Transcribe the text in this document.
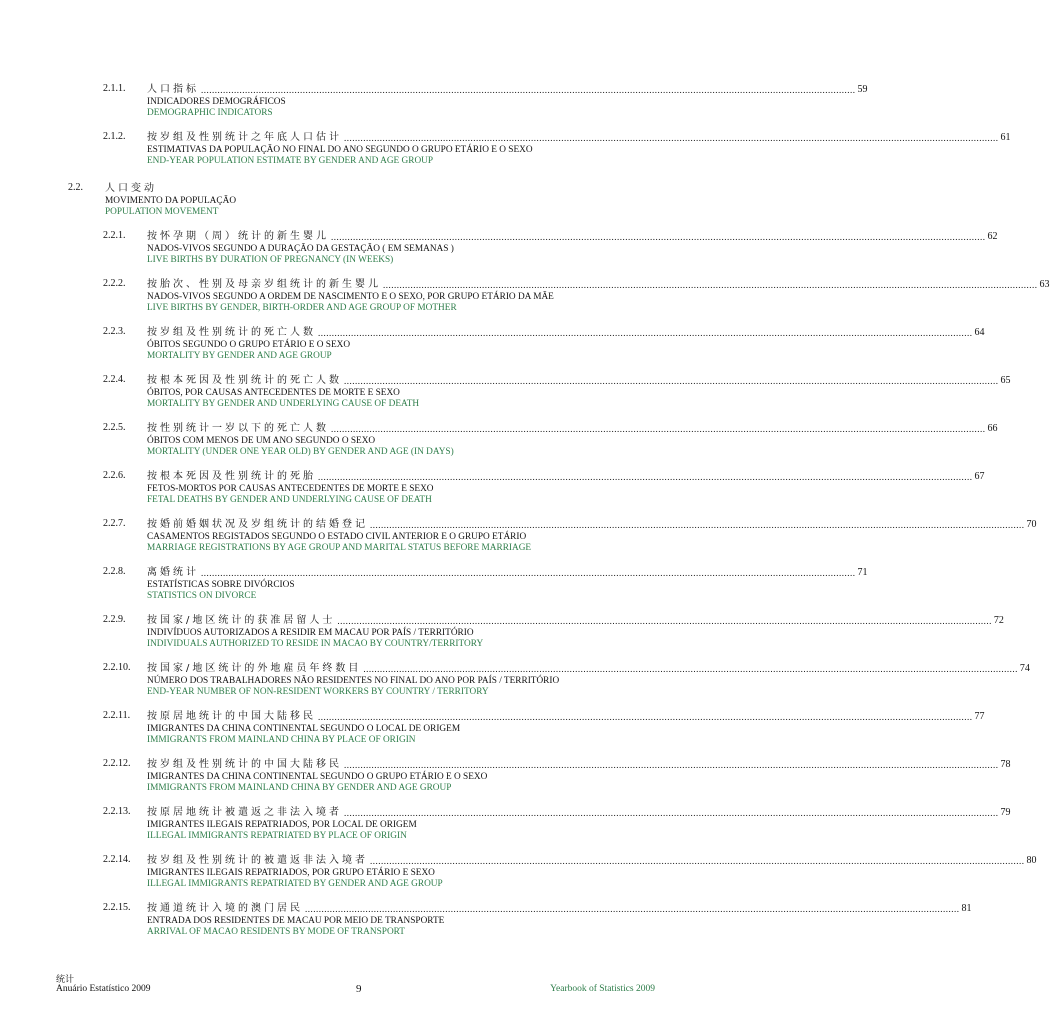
2.1.1. 人口指标 .............................................................................................................................................................................................................................................. 59
INDICADORES DEMOGRÁFICOS
DEMOGRAPHIC INDICATORS
2.1.2. 按岁组及性别统计之年底人口估计 .............................................................................................................................................................................................................................................. 61
ESTIMATIVAS DA POPULAÇÃO NO FINAL DO ANO SEGUNDO O GRUPO ETÁRIO E O SEXO
END-YEAR POPULATION ESTIMATE BY GENDER AND AGE GROUP
2.2. 人口变动
MOVIMENTO DA POPULAÇÃO
POPULATION MOVEMENT
2.2.1. 按怀孕期（周）统计的新生婴儿 .............................................................................................................................................................................................................................................. 62
NADOS-VIVOS SEGUNDO A DURAÇÃO DA GESTAÇÃO ( EM SEMANAS )
LIVE BIRTHS BY DURATION OF PREGNANCY (IN WEEKS)
2.2.2. 按胎次、性别及母亲岁组统计的新生婴儿 .............................................................................................................................................................................................................................................. 63
NADOS-VIVOS SEGUNDO A ORDEM DE NASCIMENTO E O SEXO, POR GRUPO ETÁRIO DA MÃE
LIVE BIRTHS BY GENDER, BIRTH-ORDER AND AGE GROUP OF MOTHER
2.2.3. 按岁组及性别统计的死亡人数 .............................................................................................................................................................................................................................................. 64
ÓBITOS SEGUNDO O GRUPO ETÁRIO E O SEXO
MORTALITY BY GENDER AND AGE GROUP
2.2.4. 按根本死因及性别统计的死亡人数 .............................................................................................................................................................................................................................................. 65
ÓBITOS, POR CAUSAS ANTECEDENTES DE MORTE E SEXO
MORTALITY BY GENDER AND UNDERLYING CAUSE OF DEATH
2.2.5. 按性别统计一岁以下的死亡人数 .............................................................................................................................................................................................................................................. 66
ÓBITOS COM MENOS DE UM ANO SEGUNDO O SEXO
MORTALITY (UNDER ONE YEAR OLD) BY GENDER AND AGE (IN DAYS)
2.2.6. 按根本死因及性别统计的死胎 .............................................................................................................................................................................................................................................. 67
FETOS-MORTOS POR CAUSAS ANTECEDENTES DE MORTE E SEXO
FETAL DEATHS BY GENDER AND UNDERLYING CAUSE OF DEATH
2.2.7. 按婚前婚姻状况及岁组统计的结婚登记 .............................................................................................................................................................................................................................................. 70
CASAMENTOS REGISTADOS SEGUNDO O ESTADO CIVIL ANTERIOR E O GRUPO ETÁRIO
MARRIAGE REGISTRATIONS BY AGE GROUP AND MARITAL STATUS BEFORE MARRIAGE
2.2.8. 离婚统计 .............................................................................................................................................................................................................................................. 71
ESTATÍSTICAS SOBRE DIVÓRCIOS
STATISTICS ON DIVORCE
2.2.9. 按国家/地区统计的获准居留人士 .............................................................................................................................................................................................................................................. 72
INDIVÍDUOS AUTORIZADOS A RESIDIR EM MACAU POR PAÍS / TERRITÓRIO
INDIVIDUALS AUTHORIZED TO RESIDE IN MACAO BY COUNTRY/TERRITORY
2.2.10. 按国家/地区统计的外地雇员年终数目 .............................................................................................................................................................................................................................................. 74
NÚMERO DOS TRABALHADORES NÃO RESIDENTES NO FINAL DO ANO POR PAÍS / TERRITÓRIO
END-YEAR NUMBER OF NON-RESIDENT WORKERS BY COUNTRY / TERRITORY
2.2.11. 按原居地统计的中国大陆移民 .............................................................................................................................................................................................................................................. 77
IMIGRANTES DA CHINA CONTINENTAL SEGUNDO O LOCAL DE ORIGEM
IMMIGRANTS FROM MAINLAND CHINA BY PLACE OF ORIGIN
2.2.12. 按岁组及性别统计的中国大陆移民 .............................................................................................................................................................................................................................................. 78
IMIGRANTES DA CHINA CONTINENTAL SEGUNDO O GRUPO ETÁRIO E O SEXO
IMMIGRANTS FROM MAINLAND CHINA BY GENDER AND AGE GROUP
2.2.13. 按原居地统计被遣返之非法入境者 .............................................................................................................................................................................................................................................. 79
IMIGRANTES ILEGAIS REPATRIADOS, POR LOCAL DE ORIGEM
ILLEGAL IMMIGRANTS REPATRIATED BY PLACE OF ORIGIN
2.2.14. 按岁组及性别统计的被遣返非法入境者 .............................................................................................................................................................................................................................................. 80
IMIGRANTES ILEGAIS REPATRIADOS, POR GRUPO ETÁRIO E SEXO
ILLEGAL IMMIGRANTS REPATRIATED BY GENDER AND AGE GROUP
2.2.15. 按通道统计入境的澳门居民 .............................................................................................................................................................................................................................................. 81
ENTRADA DOS RESIDENTES DE MACAU POR MEIO DE TRANSPORTE
ARRIVAL OF MACAO RESIDENTS BY MODE OF TRANSPORT
统计
Anuário Estatístico 2009	9	Yearbook of Statistics 2009
